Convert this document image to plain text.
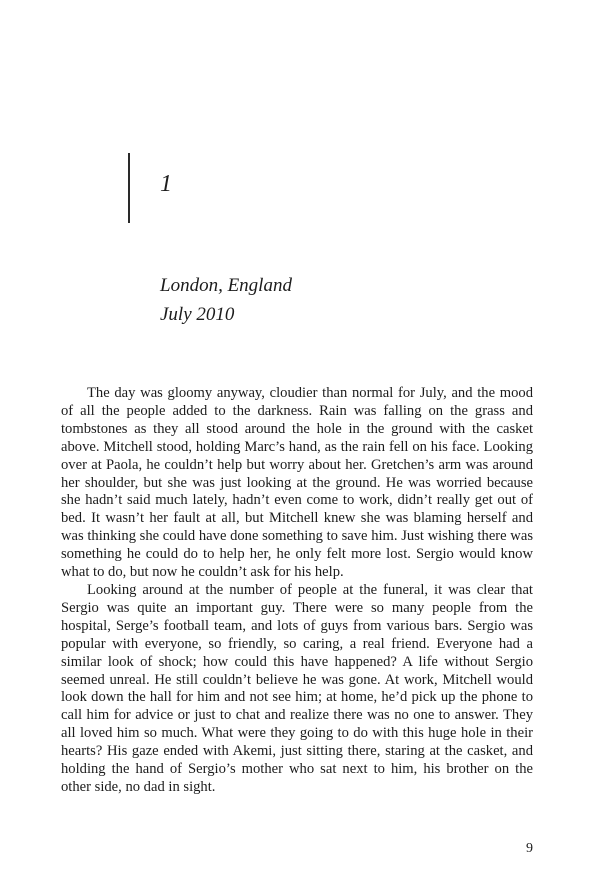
1
London, England
July 2010

The day was gloomy anyway, cloudier than normal for July, and the mood of all the people added to the darkness. Rain was falling on the grass and tombstones as they all stood around the hole in the ground with the casket above. Mitchell stood, holding Marc’s hand, as the rain fell on his face. Looking over at Paola, he couldn’t help but worry about her. Gretchen’s arm was around her shoulder, but she was just looking at the ground. He was worried because she hadn’t said much lately, hadn’t even come to work, didn’t really get out of bed. It wasn’t her fault at all, but Mitchell knew she was blaming herself and was thinking she could have done something to save him. Just wishing there was something he could do to help her, he only felt more lost. Sergio would know what to do, but now he couldn’t ask for his help.

Looking around at the number of people at the funeral, it was clear that Sergio was quite an important guy. There were so many people from the hospital, Serge’s football team, and lots of guys from various bars. Sergio was popular with everyone, so friendly, so caring, a real friend. Everyone had a similar look of shock; how could this have happened? A life without Sergio seemed unreal. He still couldn’t believe he was gone. At work, Mitchell would look down the hall for him and not see him; at home, he’d pick up the phone to call him for advice or just to chat and realize there was no one to answer. They all loved him so much. What were they going to do with this huge hole in their hearts? His gaze ended with Akemi, just sitting there, staring at the casket, and holding the hand of Sergio’s mother who sat next to him, his brother on the other side, no dad in sight.

9
